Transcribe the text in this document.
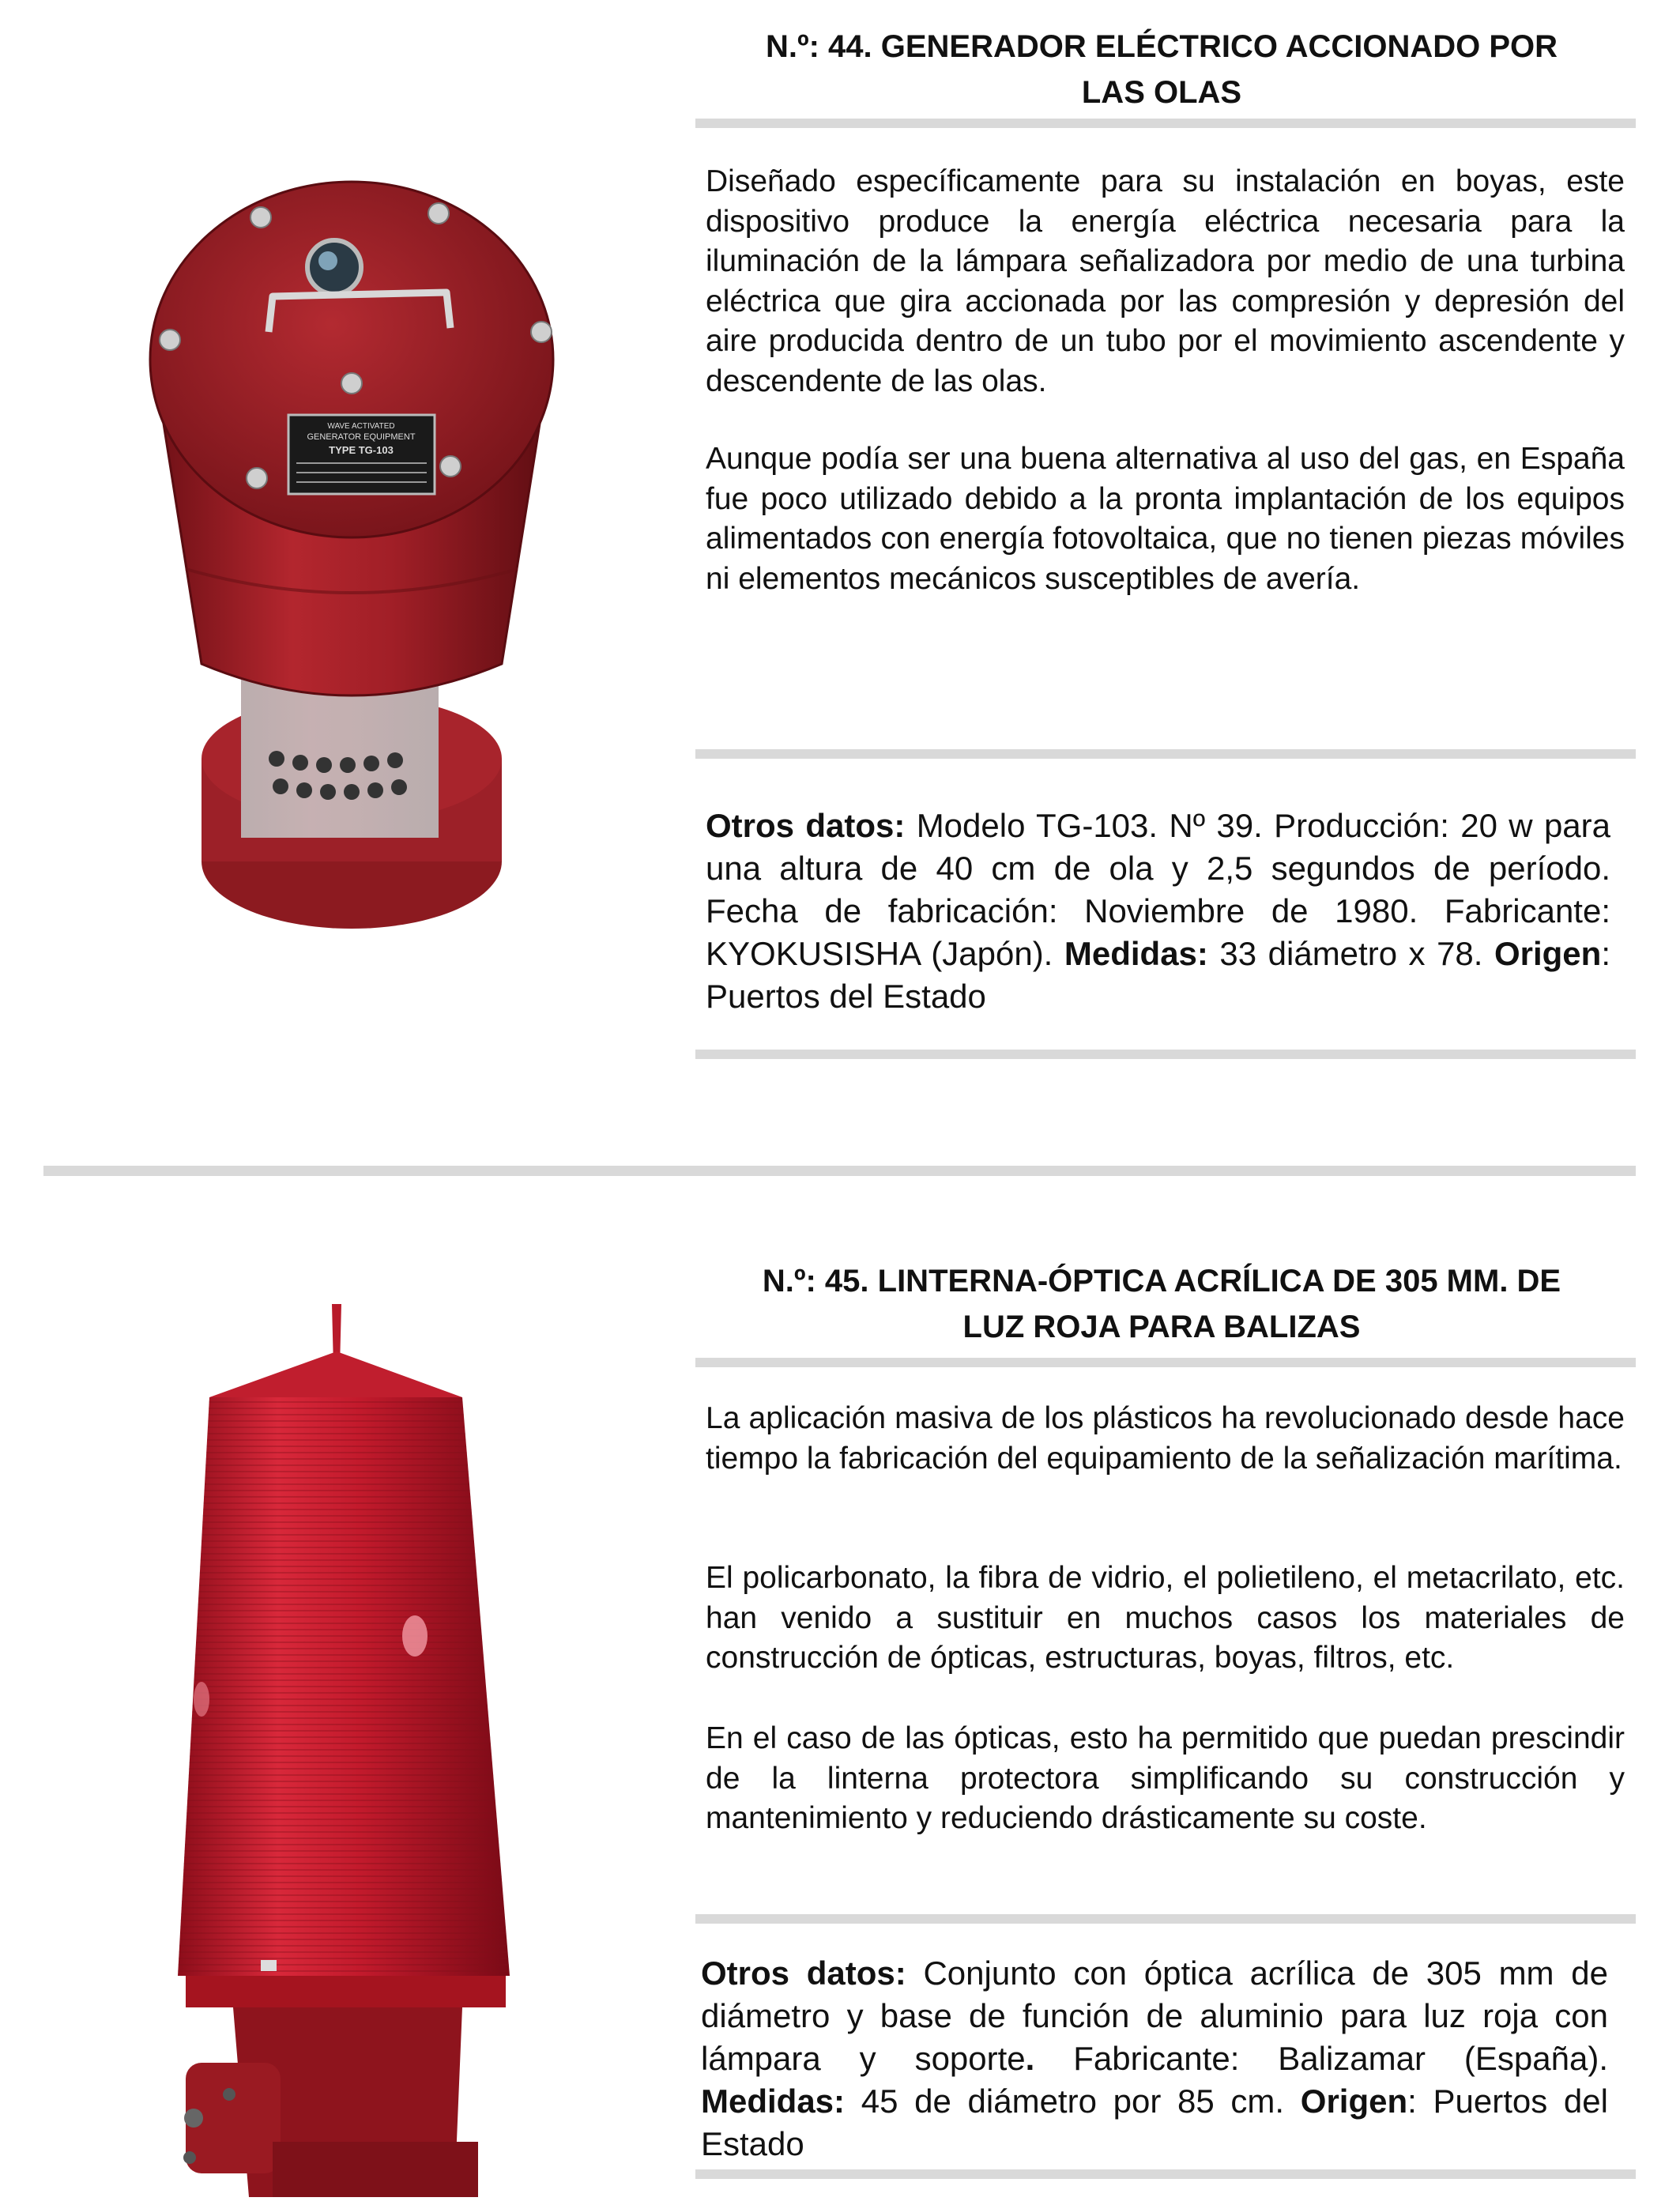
WAVE ACTIVATED
GENERATOR EQUIPMENT
TYPE TG-103
N.º: 44. GENERADOR ELÉCTRICO ACCIONADO POR
LAS OLAS

Diseñado específicamente para su instalación en boyas, este dispositivo produce la energía eléctrica necesaria para la iluminación de la lámpara señalizadora por medio de una turbina eléctrica que gira accionada por las compresión y depresión del aire producida dentro de un tubo por el movimiento ascendente y descendente de las olas.

Aunque podía ser una buena alternativa al uso del gas, en España fue poco utilizado debido a la pronta implantación de los equipos alimentados con energía fotovoltaica, que no tienen piezas móviles ni elementos mecánicos susceptibles de avería.

Otros datos: Modelo TG-103. Nº 39. Producción: 20 w para una altura de 40 cm de ola y 2,5 segundos de período. Fecha de fabricación: Noviembre de 1980. Fabricante: KYOKUSISHA (Japón). Medidas: 33 diámetro x 78. Origen: Puertos del Estado

N.º: 45. LINTERNA-ÓPTICA ACRÍLICA DE 305 MM. DE
LUZ ROJA PARA BALIZAS

La aplicación masiva de los plásticos ha revolucionado desde hace tiempo la fabricación del equipamiento de la señalización marítima.

El policarbonato, la fibra de vidrio, el polietileno, el metacrilato, etc. han venido a sustituir en muchos casos los materiales de construcción de ópticas, estructuras, boyas, filtros, etc.

En el caso de las ópticas, esto ha permitido que puedan prescindir de la linterna protectora simplificando su construcción y mantenimiento y reduciendo drásticamente su coste.

Otros datos: Conjunto con óptica acrílica de 305 mm de diámetro y base de función de aluminio para luz roja con lámpara y soporte. Fabricante: Balizamar (España). Medidas: 45 de diámetro por 85 cm. Origen: Puertos del Estado
